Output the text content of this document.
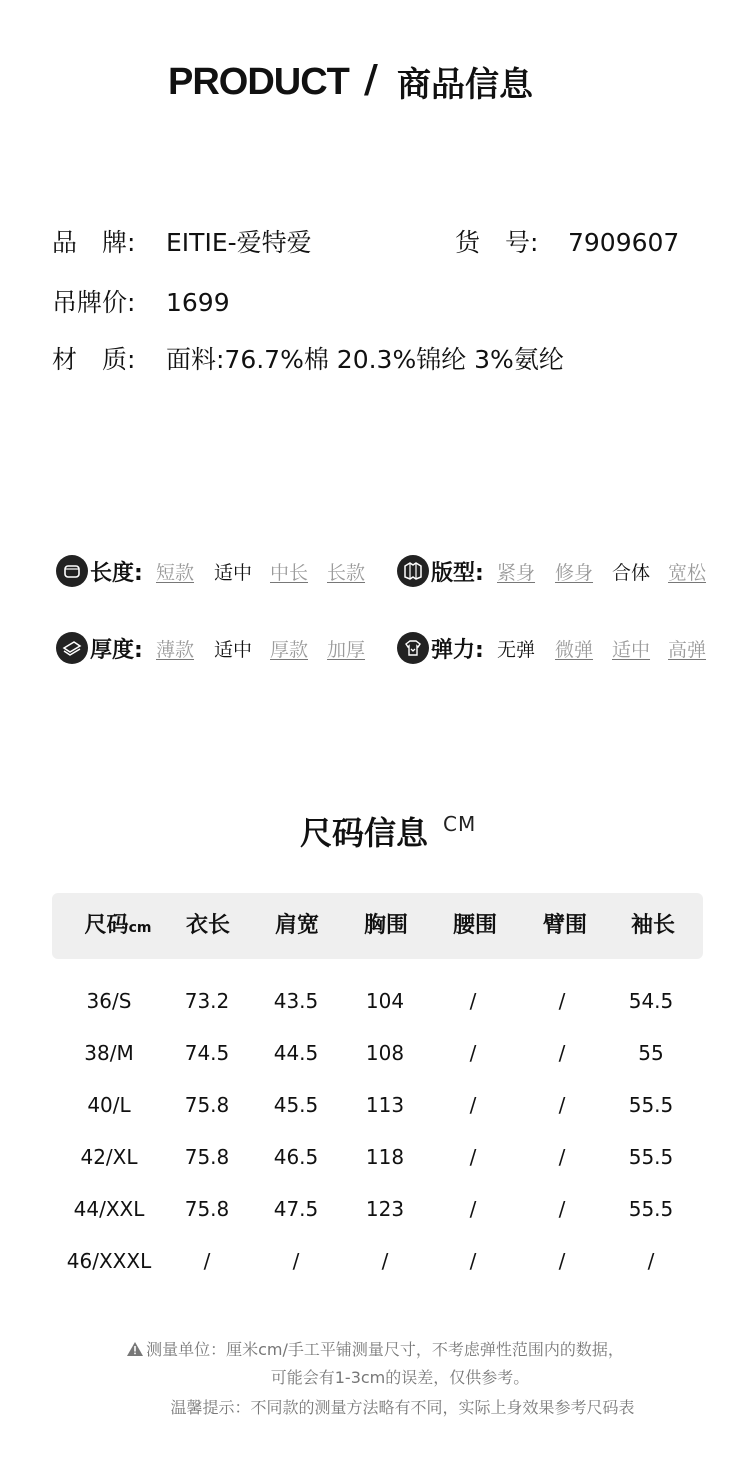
PRODUCT / 商品信息
品　牌: EITIE-爱特爱	货　号: 7909607
吊牌价: 1699
材　质: 面料:76.7%棉 20.3%锦纶 3%氨纶
长度: 短款 适中 中长 长款	版型: 紧身 修身 合体 宽松
厚度: 薄款 适中 厚款 加厚	弹力: 无弹 微弹 适中 高弹
尺码信息 CM
尺码cm	衣长	肩宽	胸围	腰围	臂围	袖长
36/S	73.2	43.5	104	/	/	54.5
38/M	74.5	44.5	108	/	/	55
40/L	75.8	45.5	113	/	/	55.5
42/XL	75.8	46.5	118	/	/	55.5
44/XXL	75.8	47.5	123	/	/	55.5
46/XXXL	/	/	/	/	/	/
测量单位：厘米cm/手工平铺测量尺寸，不考虑弹性范围内的数据，
可能会有1-3cm的误差，仅供参考。
温馨提示：不同款的测量方法略有不同，实际上身效果参考尺码表
